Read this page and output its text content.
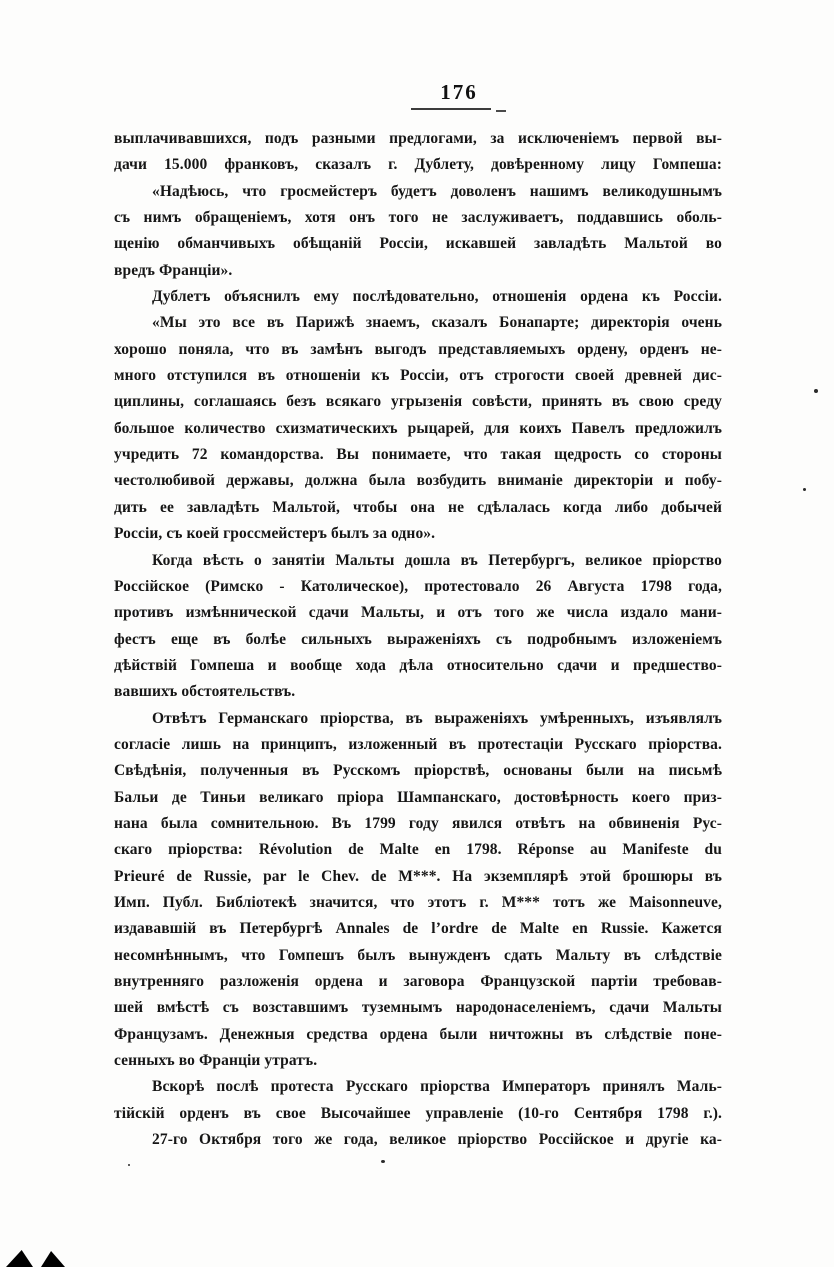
176
выплачивавшихся, подъ разными предлогами, за исключеніемъ первой вы-
дачи 15.000 франковъ, сказалъ г. Дублету, довѣренному лицу Гомпеша:
«Надѣюсь, что гросмейстеръ будетъ доволенъ нашимъ великодушнымъ
съ нимъ обращеніемъ, хотя онъ того не заслуживаетъ, поддавшись оболь-
щенію обманчивыхъ обѣщаній Россіи, искавшей завладѣть Мальтой во
вредъ Франціи».
Дублетъ объяснилъ ему послѣдовательно, отношенія ордена къ Россіи.
«Мы это все въ Парижѣ знаемъ, сказалъ Бонапарте; директорія очень
хорошо поняла, что въ замѣнъ выгодъ представляемыхъ ордену, орденъ не-
много отступился въ отношеніи къ Россіи, отъ строгости своей древней дис-
циплины, соглашаясь безъ всякаго угрызенія совѣсти, принять въ свою среду
большое количество схизматическихъ рыцарей, для коихъ Павелъ предложилъ
учредить 72 командорства. Вы понимаете, что такая щедрость со стороны
честолюбивой державы, должна была возбудить вниманіе директоріи и побу-
дить ее завладѣть Мальтой, чтобы она не сдѣлалась когда либо добычей
Россіи, съ коей гроссмейстеръ былъ за одно».
Когда вѣсть о занятіи Мальты дошла въ Петербургъ, великое пріорство
Россійское (Римско - Католическое), протестовало 26 Августа 1798 года,
противъ измѣннической сдачи Мальты, и отъ того же числа издало мани-
фестъ еще въ болѣе сильныхъ выраженіяхъ съ подробнымъ изложеніемъ
дѣйствій Гомпеша и вообще хода дѣла относительно сдачи и предшество-
вавшихъ обстоятельствъ.
Отвѣтъ Германскаго пріорства, въ выраженіяхъ умѣренныхъ, изъявлялъ
согласіе лишь на принципъ, изложенный въ протестаціи Русскаго пріорства.
Свѣдѣнія, полученныя въ Русскомъ пріорствѣ, основаны были на письмѣ
Бальи де Тиньи великаго пріора Шампанскаго, достовѣрность коего приз-
нана была сомнительною. Въ 1799 году явился отвѣтъ на обвиненія Рус-
скаго пріорства: Révolution de Malte en 1798. Réponse au Manifeste du
Prieuré de Russie, par le Chev. de M***. На экземплярѣ этой брошюры въ
Имп. Публ. Библіотекѣ значится, что этотъ г. M*** тотъ же Maisonneuve,
издававшій въ Петербургѣ Annales de l’ordre de Malte en Russie. Кажется
несомнѣннымъ, что Гомпешъ былъ вынужденъ сдать Мальту въ слѣдствіе
внутренняго разложенія ордена и заговора Французской партіи требовав-
шей вмѣстѣ съ возставшимъ туземнымъ народонаселеніемъ, сдачи Мальты
Французамъ. Денежныя средства ордена были ничтожны въ слѣдствіе поне-
сенныхъ во Франціи утратъ.
Вскорѣ послѣ протеста Русскаго пріорства Императоръ принялъ Маль-
тійскій орденъ въ свое Высочайшее управленіе (10-го Сентября 1798 г.).
27-го Октября того же года, великое пріорство Россійское и другіе ка-
